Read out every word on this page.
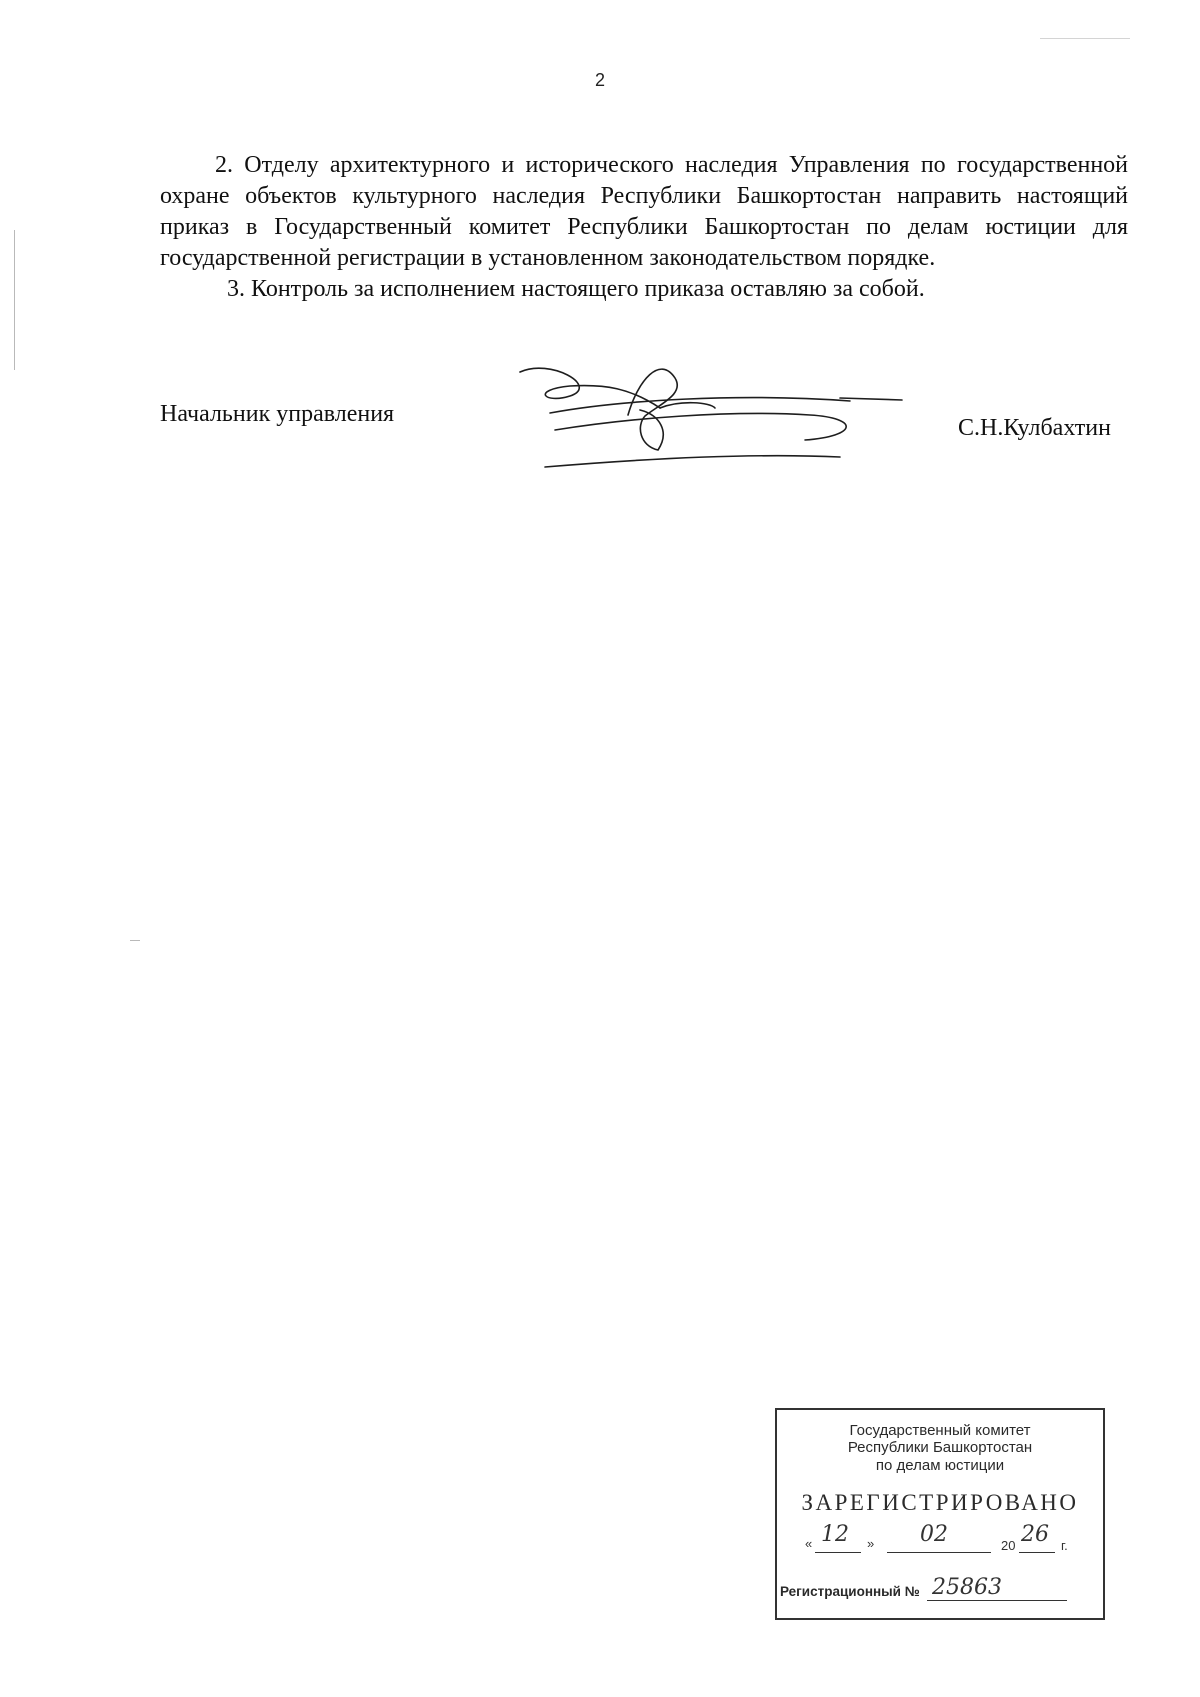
2

2. Отделу архитектурного и исторического наследия Управления по государственной охране объектов культурного наследия Республики Башкортостан направить настоящий приказ в Государственный комитет Республики Башкортостан по делам юстиции для государственной регистрации в установленном законодательством порядке.

3. Контроль за исполнением настоящего приказа оставляю за собой.

Начальник управления
С.Н.Кулбахтин
Государственный комитет
Республики Башкортостан
по делам юстиции
ЗАРЕГИСТРИРОВАНО
« 12 » 02	20 26 г.
Регистрационный № 25863
